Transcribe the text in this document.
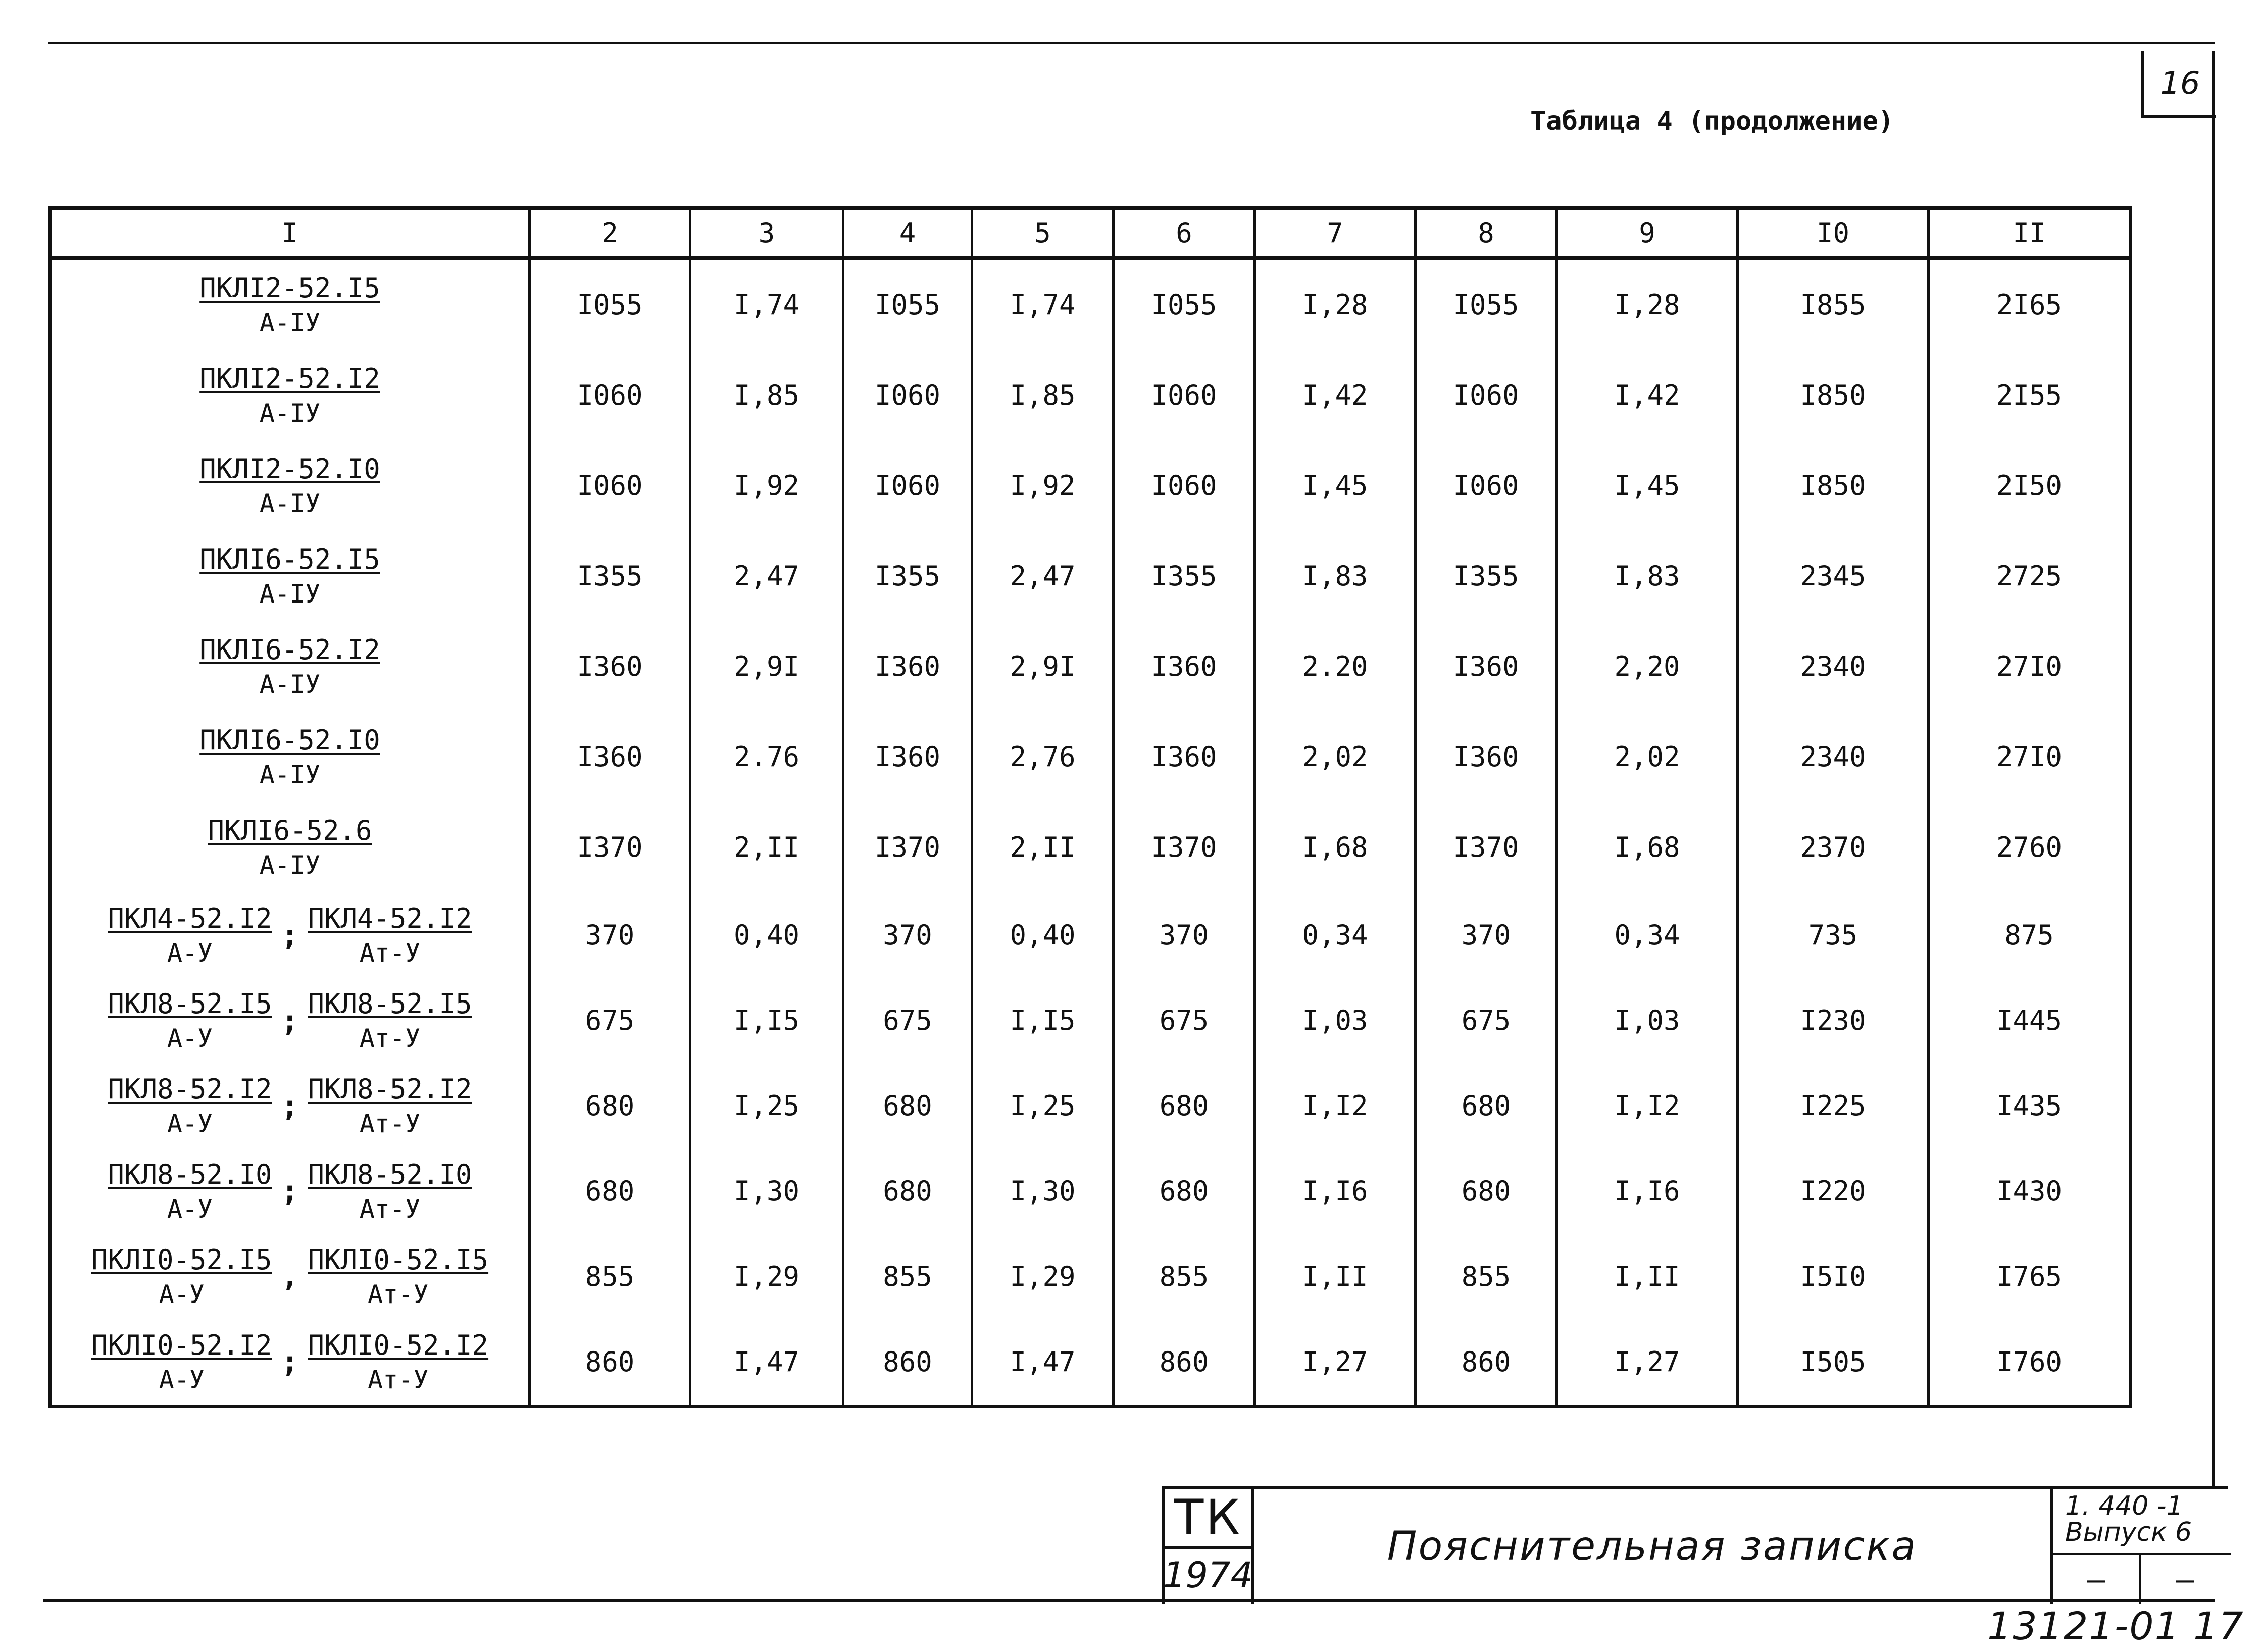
16
Таблица 4 (продолжение)
I	2	3	4	5	6	7	8	9	I0	II

$\frac{\text{ПКЛI2-52.I5}}{А-IУ}$	I055	I,74	I055	I,74	I055	I,28	I055	I,28	I855	2I65

$\frac{\text{ПКЛI2-52.I2}}{А-IУ}$	I060	I,85	I060	I,85	I060	I,42	I060	I,42	I850	2I55

$\frac{\text{ПКЛI2-52.I0}}{А-IУ}$	I060	I,92	I060	I,92	I060	I,45	I060	I,45	I850	2I50

$\frac{\text{ПКЛI6-52.I5}}{А-IУ}$	I355	2,47	I355	2,47	I355	I,83	I355	I,83	2345	2725

$\frac{\text{ПКЛI6-52.I2}}{А-IУ}$	I360	2,9I	I360	2,9I	I360	2.20	I360	2,20	2340	27I0

$\frac{\text{ПКЛI6-52.I0}}{А-IУ}$	I360	2.76	I360	2,76	I360	2,02	I360	2,02	2340	27I0

$\frac{\text{ПКЛI6-52.6}}{А-IУ}$	I370	2,II	I370	2,II	I370	I,68	I370	I,68	2370	2760

$\frac{\text{ПКЛ4-52.I2}}{А-У}$ ; $\frac{\text{ПКЛ4-52.I2}}{Ат-У}$	370	0,40	370	0,40	370	0,34	370	0,34	735	875

$\frac{\text{ПКЛ8-52.I5}}{А-У}$ ; $\frac{\text{ПКЛ8-52.I5}}{Ат-У}$	675	I,I5	675	I,I5	675	I,03	675	I,03	I230	I445

$\frac{\text{ПКЛ8-52.I2}}{А-У}$ ; $\frac{\text{ПКЛ8-52.I2}}{Ат-У}$	680	I,25	680	I,25	680	I,I2	680	I,I2	I225	I435

$\frac{\text{ПКЛ8-52.I0}}{А-У}$ ; $\frac{\text{ПКЛ8-52.I0}}{Ат-У}$	680	I,30	680	I,30	680	I,I6	680	I,I6	I220	I430

$\frac{\text{ПКЛI0-52.I5}}{А-У}$ , $\frac{\text{ПКЛI0-52.I5}}{Ат-У}$	855	I,29	855	I,29	855	I,II	855	I,II	I5I0	I765

$\frac{\text{ПКЛI0-52.I2}}{А-У}$ ; $\frac{\text{ПКЛI0-52.I2}}{Ат-У}$	860	I,47	860	I,47	860	I,27	860	I,27	I505	I760
ТК
1974
Пояснительная записка
1. 440 -1
Выпуск 6
—	—
13121-01 17
